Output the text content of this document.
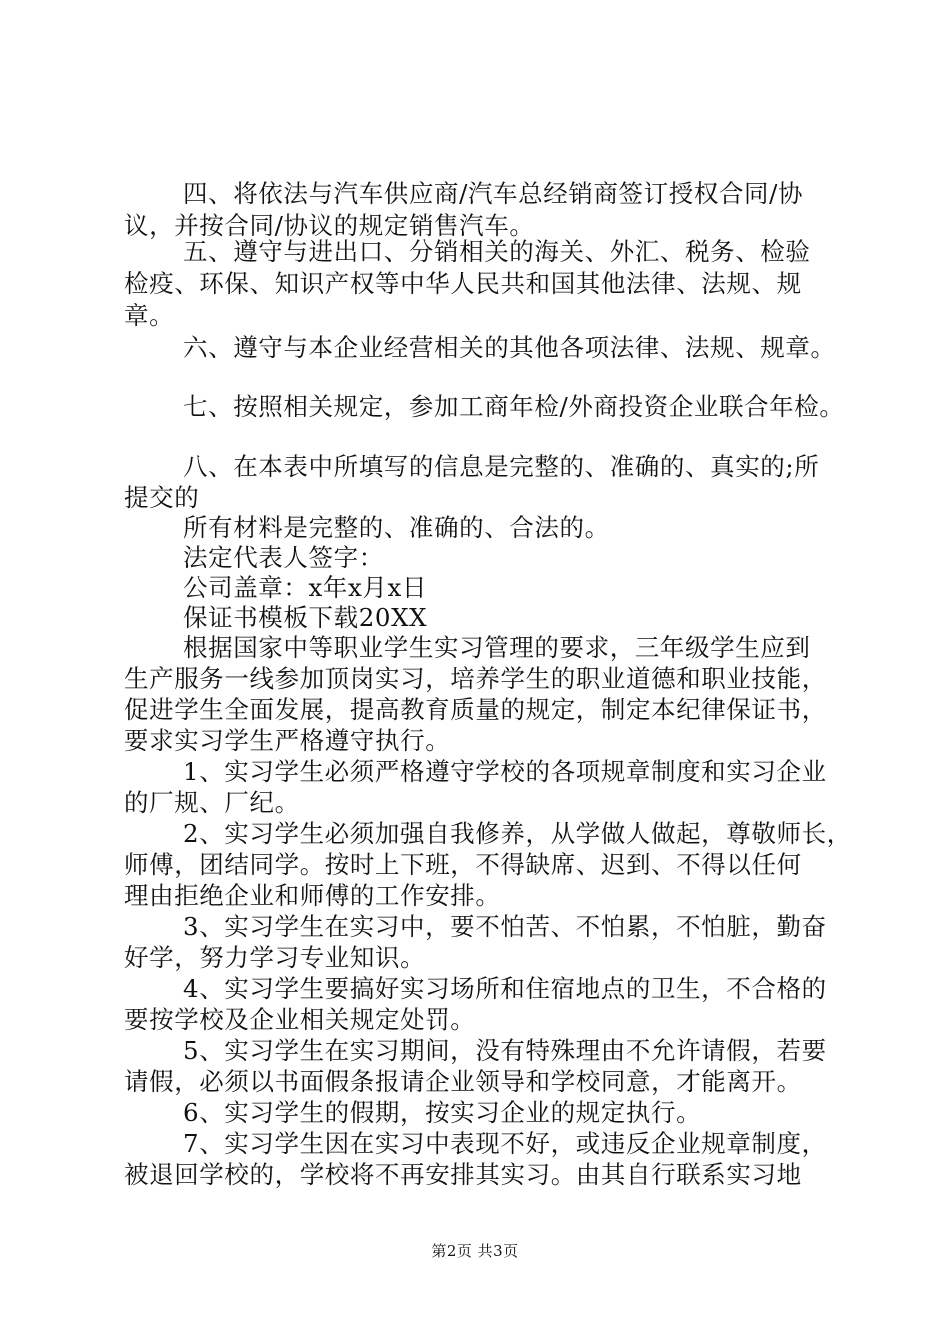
四、将依法与汽车供应商/汽车总经销商签订授权合同/协
议，并按合同/协议的规定销售汽车。
五、遵守与进出口、分销相关的海关、外汇、税务、检验
检疫、环保、知识产权等中华人民共和国其他法律、法规、规
章。
六、遵守与本企业经营相关的其他各项法律、法规、规章。
七、按照相关规定，参加工商年检/外商投资企业联合年检。
八、在本表中所填写的信息是完整的、准确的、真实的;所
提交的
所有材料是完整的、准确的、合法的。
法定代表人签字：
公司盖章：x年x月x日
保证书模板下载20XX
根据国家中等职业学生实习管理的要求，三年级学生应到
生产服务一线参加顶岗实习，培养学生的职业道德和职业技能，
促进学生全面发展，提高教育质量的规定，制定本纪律保证书，
要求实习学生严格遵守执行。
1、实习学生必须严格遵守学校的各项规章制度和实习企业
的厂规、厂纪。
2、实习学生必须加强自我修养，从学做人做起，尊敬师长，
师傅，团结同学。按时上下班，不得缺席、迟到、不得以任何
理由拒绝企业和师傅的工作安排。
3、实习学生在实习中，要不怕苦、不怕累，不怕脏，勤奋
好学，努力学习专业知识。
4、实习学生要搞好实习场所和住宿地点的卫生，不合格的
要按学校及企业相关规定处罚。
5、实习学生在实习期间，没有特殊理由不允许请假，若要
请假，必须以书面假条报请企业领导和学校同意，才能离开。
6、实习学生的假期，按实习企业的规定执行。
7、实习学生因在实习中表现不好，或违反企业规章制度，
被退回学校的，学校将不再安排其实习。由其自行联系实习地
第2页 共3页
